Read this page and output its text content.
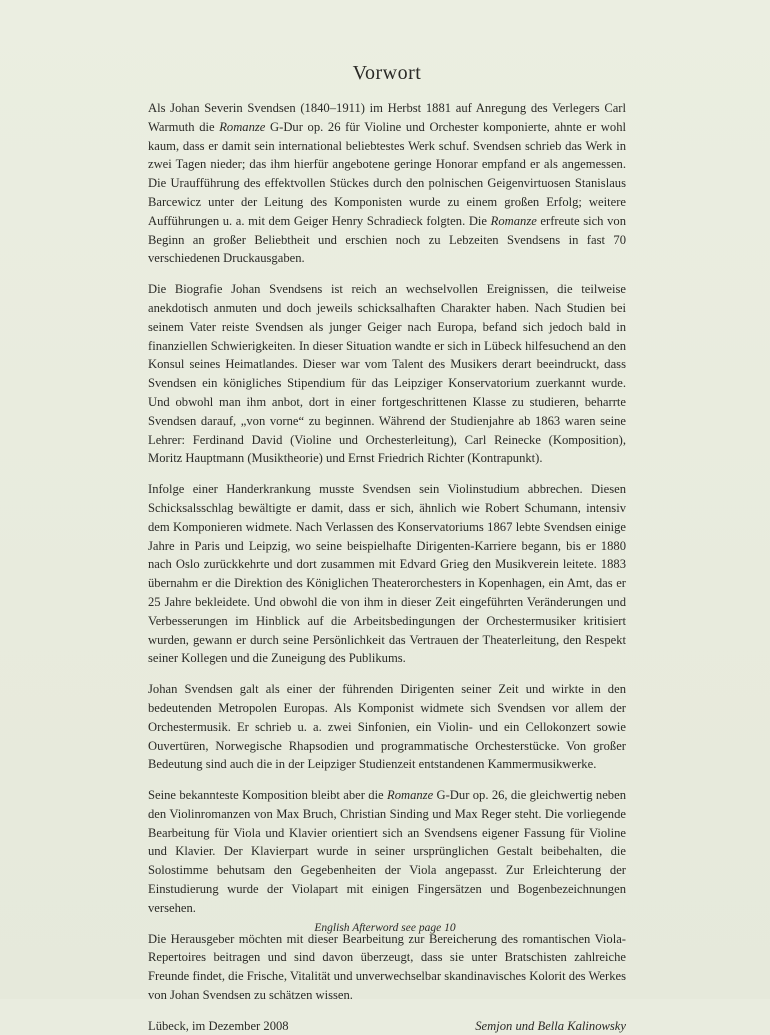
Vorwort

Als Johan Severin Svendsen (1840–1911) im Herbst 1881 auf Anregung des Verlegers Carl Warmuth die Romanze G-Dur op. 26 für Violine und Orchester komponierte, ahnte er wohl kaum, dass er damit sein international beliebtestes Werk schuf. Svendsen schrieb das Werk in zwei Tagen nieder; das ihm hierfür angebotene geringe Honorar empfand er als angemessen. Die Uraufführung des effektvollen Stückes durch den polnischen Geigenvirtuosen Stanislaus Barcewicz unter der Leitung des Komponisten wurde zu einem großen Erfolg; weitere Aufführungen u. a. mit dem Geiger Henry Schradieck folgten. Die Romanze erfreute sich von Beginn an großer Beliebtheit und erschien noch zu Lebzeiten Svendsens in fast 70 verschiedenen Druckausgaben.

Die Biografie Johan Svendsens ist reich an wechselvollen Ereignissen, die teilweise anekdotisch anmuten und doch jeweils schicksalhaften Charakter haben. Nach Studien bei seinem Vater reiste Svendsen als junger Geiger nach Europa, befand sich jedoch bald in finanziellen Schwierigkeiten. In dieser Situation wandte er sich in Lübeck hilfesuchend an den Konsul seines Heimatlandes. Dieser war vom Talent des Musikers derart beeindruckt, dass Svendsen ein königliches Stipendium für das Leipziger Konservatorium zuerkannt wurde. Und obwohl man ihm anbot, dort in einer fortgeschrittenen Klasse zu studieren, beharrte Svendsen darauf, „von vorne“ zu beginnen. Während der Studienjahre ab 1863 waren seine Lehrer: Ferdinand David (Violine und Orchesterleitung), Carl Reinecke (Komposition), Moritz Hauptmann (Musiktheorie) und Ernst Friedrich Richter (Kontrapunkt).

Infolge einer Handerkrankung musste Svendsen sein Violinstudium abbrechen. Diesen Schicksalsschlag bewältigte er damit, dass er sich, ähnlich wie Robert Schumann, intensiv dem Komponieren widmete. Nach Verlassen des Konservatoriums 1867 lebte Svendsen einige Jahre in Paris und Leipzig, wo seine beispielhafte Dirigenten-Karriere begann, bis er 1880 nach Oslo zurückkehrte und dort zusammen mit Edvard Grieg den Musikverein leitete. 1883 übernahm er die Direktion des Königlichen Theaterorchesters in Kopenhagen, ein Amt, das er 25 Jahre bekleidete. Und obwohl die von ihm in dieser Zeit eingeführten Veränderungen und Verbesserungen im Hinblick auf die Arbeitsbedingungen der Orchestermusiker kritisiert wurden, gewann er durch seine Persönlichkeit das Vertrauen der Theaterleitung, den Respekt seiner Kollegen und die Zuneigung des Publikums.

Johan Svendsen galt als einer der führenden Dirigenten seiner Zeit und wirkte in den bedeutenden Metropolen Europas. Als Komponist widmete sich Svendsen vor allem der Orchestermusik. Er schrieb u. a. zwei Sinfonien, ein Violin- und ein Cellokonzert sowie Ouvertüren, Norwegische Rhapsodien und programmatische Orchesterstücke. Von großer Bedeutung sind auch die in der Leipziger Studienzeit entstandenen Kammermusikwerke.

Seine bekannteste Komposition bleibt aber die Romanze G-Dur op. 26, die gleichwertig neben den Violinromanzen von Max Bruch, Christian Sinding und Max Reger steht. Die vorliegende Bearbeitung für Viola und Klavier orientiert sich an Svendsens eigener Fassung für Violine und Klavier. Der Klavierpart wurde in seiner ursprünglichen Gestalt beibehalten, die Solostimme behutsam den Gegebenheiten der Viola angepasst. Zur Erleichterung der Einstudierung wurde der Violapart mit einigen Fingersätzen und Bogenbezeichnungen versehen.

Die Herausgeber möchten mit dieser Bearbeitung zur Bereicherung des romantischen Viola-Repertoires beitragen und sind davon überzeugt, dass sie unter Bratschisten zahlreiche Freunde findet, die Frische, Vitalität und unverwechselbar skandinavisches Kolorit des Werkes von Johan Svendsen zu schätzen wissen.

Lübeck, im Dezember 2008	Semjon und Bella Kalinowsky
English Afterword see page 10
